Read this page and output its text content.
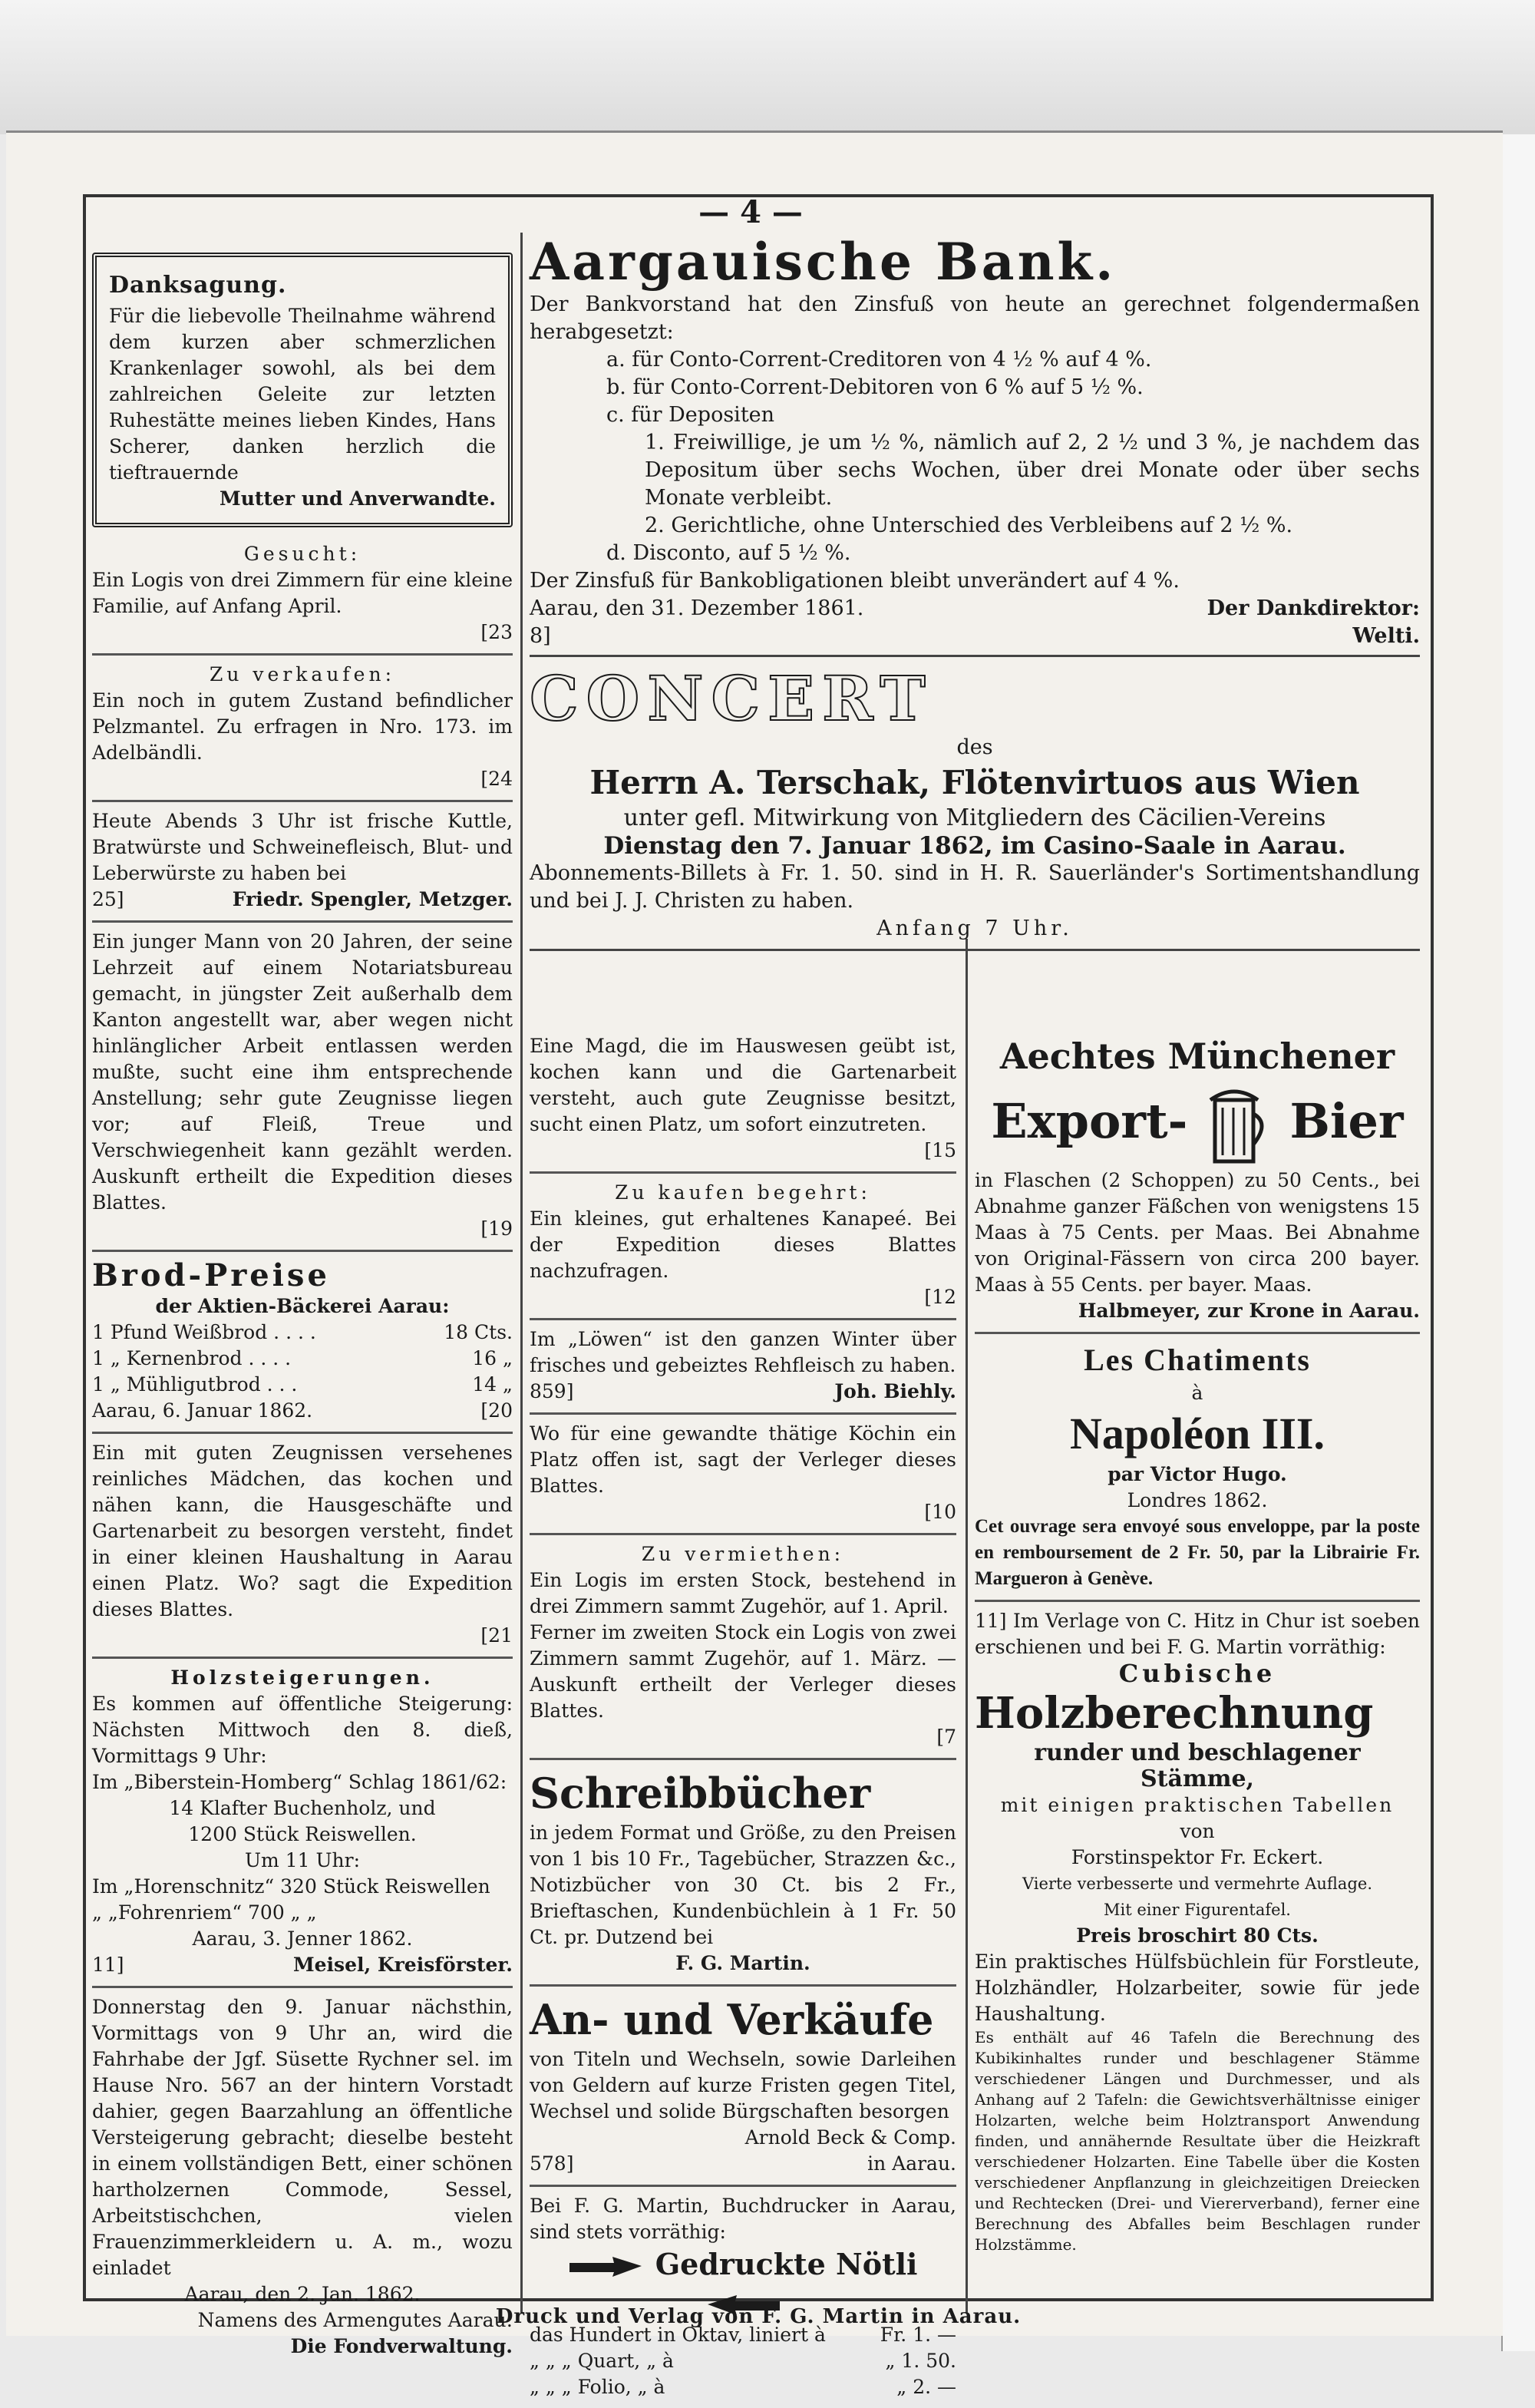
— 4 —

Danksagung.

Für die liebevolle Theilnahme während dem kurzen aber schmerzlichen Krankenlager sowohl, als bei dem zahlreichen Geleite zur letzten Ruhestätte meines lieben Kindes, Hans Scherer, danken herzlich die tieftrauernde

Mutter und Anverwandte.

Gesucht:

Ein Logis von drei Zimmern für eine kleine Familie, auf Anfang April.

[23

Zu verkaufen:

Ein noch in gutem Zustand befindlicher Pelzmantel. Zu erfragen in Nro. 173. im Adelbändli.

[24

Heute Abends 3 Uhr ist frische Kuttle, Bratwürste und Schweinefleisch, Blut- und Leberwürste zu haben bei

25]	Friedr. Spengler, Metzger.

Ein junger Mann von 20 Jahren, der seine Lehrzeit auf einem Notariatsbureau gemacht, in jüngster Zeit außerhalb dem Kanton angestellt war, aber wegen nicht hinlänglicher Arbeit entlassen werden mußte, sucht eine ihm entsprechende Anstellung; sehr gute Zeugnisse liegen vor; auf Fleiß, Treue und Verschwiegenheit kann gezählt werden. Auskunft ertheilt die Expedition dieses Blattes.

[19

Brod-Preise

der Aktien-Bäckerei Aarau:

1 Pfund Weißbrod . . . .	18 Cts.
1 „ Kernenbrod . . . .	16 „
1 „ Mühligutbrod . . .	14 „
Aarau, 6. Januar 1862.	[20

Ein mit guten Zeugnissen versehenes reinliches Mädchen, das kochen und nähen kann, die Hausgeschäfte und Gartenarbeit zu besorgen versteht, findet in einer kleinen Haushaltung in Aarau einen Platz. Wo? sagt die Expedition dieses Blattes.

[21

Holzsteigerungen.

Es kommen auf öffentliche Steigerung: Nächsten Mittwoch den 8. dieß, Vormittags 9 Uhr:

Im „Biberstein-Homberg“ Schlag 1861/62:

14 Klafter Buchenholz, und

1200 Stück Reiswellen.

Um 11 Uhr:

Im „Horenschnitz“ 320 Stück Reiswellen

„ „Fohrenriem“ 700 „ „

Aarau, 3. Jenner 1862.

11]	Meisel, Kreisförster.

Donnerstag den 9. Januar nächsthin, Vormittags von 9 Uhr an, wird die Fahrhabe der Jgf. Süsette Rychner sel. im Hause Nro. 567 an der hintern Vorstadt dahier, gegen Baarzahlung an öffentliche Versteigerung gebracht; dieselbe besteht in einem vollständigen Bett, einer schönen hartholzernen Commode, Sessel, Arbeitstischchen, vielen Frauenzimmerkleidern u. A. m., wozu einladet

Aarau, den 2. Jan. 1862.

Namens des Armengutes Aarau:

Die Fondverwaltung.

Aargauische Bank.

Der Bankvorstand hat den Zinsfuß von heute an gerechnet folgendermaßen herabgesetzt:

a. für Conto-Corrent-Creditoren von 4 ½ % auf 4 %.

b. für Conto-Corrent-Debitoren von 6 % auf 5 ½ %.

c. für Depositen

1. Freiwillige, je um ½ %, nämlich auf 2, 2 ½ und 3 %, je nachdem das Depositum über sechs Wochen, über drei Monate oder über sechs Monate verbleibt.

2. Gerichtliche, ohne Unterschied des Verbleibens auf 2 ½ %.

d. Disconto, auf 5 ½ %.

Der Zinsfuß für Bankobligationen bleibt unverändert auf 4 %.

Aarau, den 31. Dezember 1861.	Der Dankdirektor:
8]	Welti.

CONCERT

des

Herrn A. Terschak, Flötenvirtuos aus Wien

unter gefl. Mitwirkung von Mitgliedern des Cäcilien-Vereins

Dienstag den 7. Januar 1862, im Casino-Saale in Aarau.

Abonnements-Billets à Fr. 1. 50. sind in H. R. Sauerländer's Sortimentshandlung und bei J. J. Christen zu haben.

Anfang 7 Uhr.

Eine Magd, die im Hauswesen geübt ist, kochen kann und die Gartenarbeit versteht, auch gute Zeugnisse besitzt, sucht einen Platz, um sofort einzutreten.

[15

Zu kaufen begehrt:

Ein kleines, gut erhaltenes Kanapeé. Bei der Expedition dieses Blattes nachzufragen.

[12

Im „Löwen“ ist den ganzen Winter über frisches und gebeiztes Rehfleisch zu haben.

859]	Joh. Biehly.

Wo für eine gewandte thätige Köchin ein Platz offen ist, sagt der Verleger dieses Blattes.

[10

Zu vermiethen:

Ein Logis im ersten Stock, bestehend in drei Zimmern sammt Zugehör, auf 1. April.

Ferner im zweiten Stock ein Logis von zwei Zimmern sammt Zugehör, auf 1. März. — Auskunft ertheilt der Verleger dieses Blattes.

[7

Schreibbücher

in jedem Format und Größe, zu den Preisen von 1 bis 10 Fr., Tagebücher, Strazzen &c., Notizbücher von 30 Ct. bis 2 Fr., Brieftaschen, Kundenbüchlein à 1 Fr. 50 Ct. pr. Dutzend bei

F. G. Martin.

An- und Verkäufe

von Titeln und Wechseln, sowie Darleihen von Geldern auf kurze Fristen gegen Titel, Wechsel und solide Bürgschaften besorgen

Arnold Beck & Comp.

578]	in Aarau.

Bei F. G. Martin, Buchdrucker in Aarau, sind stets vorräthig:

Gedruckte Nötli

das Hundert in Oktav, liniert à	Fr. 1. —
„ „ „ Quart, „ à	„ 1. 50.
„ „ „ Folio, „ à	„ 2. —

Aechtes Münchener

Export- Bier

in Flaschen (2 Schoppen) zu 50 Cents., bei Abnahme ganzer Fäßchen von wenigstens 15 Maas à 75 Cents. per Maas. Bei Abnahme von Original-Fässern von circa 200 bayer. Maas à 55 Cents. per bayer. Maas.

Halbmeyer, zur Krone in Aarau.

Les Chatiments

à

Napoléon III.

par Victor Hugo.

Londres 1862.

Cet ouvrage sera envoyé sous enveloppe, par la poste en remboursement de 2 Fr. 50, par la Librairie Fr. Margueron à Genève.

11] Im Verlage von C. Hitz in Chur ist soeben erschienen und bei F. G. Martin vorräthig:

Cubische

Holzberechnung

runder und beschlagener Stämme,

mit einigen praktischen Tabellen

von

Forstinspektor Fr. Eckert.

Vierte verbesserte und vermehrte Auflage.

Mit einer Figurentafel.

Preis broschirt 80 Cts.

Ein praktisches Hülfsbüchlein für Forstleute, Holzhändler, Holzarbeiter, sowie für jede Haushaltung.

Es enthält auf 46 Tafeln die Berechnung des Kubikinhaltes runder und beschlagener Stämme verschiedener Längen und Durchmesser, und als Anhang auf 2 Tafeln: die Gewichtsverhältnisse einiger Holzarten, welche beim Holztransport Anwendung finden, und annähernde Resultate über die Heizkraft verschiedener Holzarten. Eine Tabelle über die Kosten verschiedener Anpflanzung in gleichzeitigen Dreiecken und Rechtecken (Drei- und Viererverband), ferner eine Berechnung des Abfalles beim Beschlagen runder Holzstämme.

Druck und Verlag von F. G. Martin in Aarau.
